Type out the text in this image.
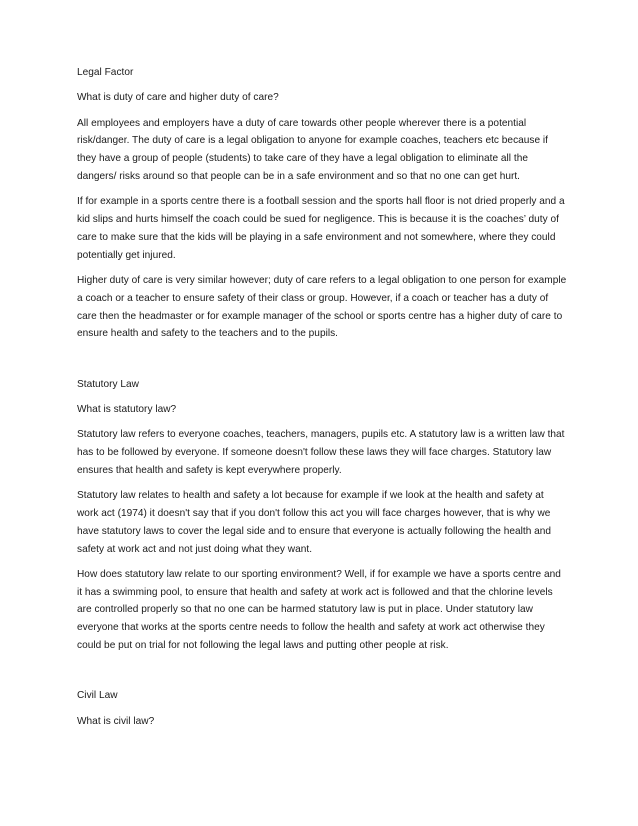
Legal Factor

What is duty of care and higher duty of care?

All employees and employers have a duty of care towards other people wherever there is a potential risk/danger. The duty of care is a legal obligation to anyone for example coaches, teachers etc because if they have a group of people (students) to take care of they have a legal obligation to eliminate all the dangers/ risks around so that people can be in a safe environment and so that no one can get hurt.

If for example in a sports centre there is a football session and the sports hall floor is not dried properly and a kid slips and hurts himself the coach could be sued for negligence. This is because it is the coaches’ duty of care to make sure that the kids will be playing in a safe environment and not somewhere, where they could potentially get injured.

Higher duty of care is very similar however; duty of care refers to a legal obligation to one person for example a coach or a teacher to ensure safety of their class or group. However, if a coach or teacher has a duty of care then the headmaster or for example manager of the school or sports centre has a higher duty of care to ensure health and safety to the teachers and to the pupils.

Statutory Law

What is statutory law?

Statutory law refers to everyone coaches, teachers, managers, pupils etc. A statutory law is a written law that has to be followed by everyone. If someone doesn't follow these laws they will face charges. Statutory law ensures that health and safety is kept everywhere properly.

Statutory law relates to health and safety a lot because for example if we look at the health and safety at work act (1974) it doesn't say that if you don't follow this act you will face charges however, that is why we have statutory laws to cover the legal side and to ensure that everyone is actually following the health and safety at work act and not just doing what they want.

How does statutory law relate to our sporting environment? Well, if for example we have a sports centre and it has a swimming pool, to ensure that health and safety at work act is followed and that the chlorine levels are controlled properly so that no one can be harmed statutory law is put in place. Under statutory law everyone that works at the sports centre needs to follow the health and safety at work act otherwise they could be put on trial for not following the legal laws and putting other people at risk.

Civil Law

What is civil law?
